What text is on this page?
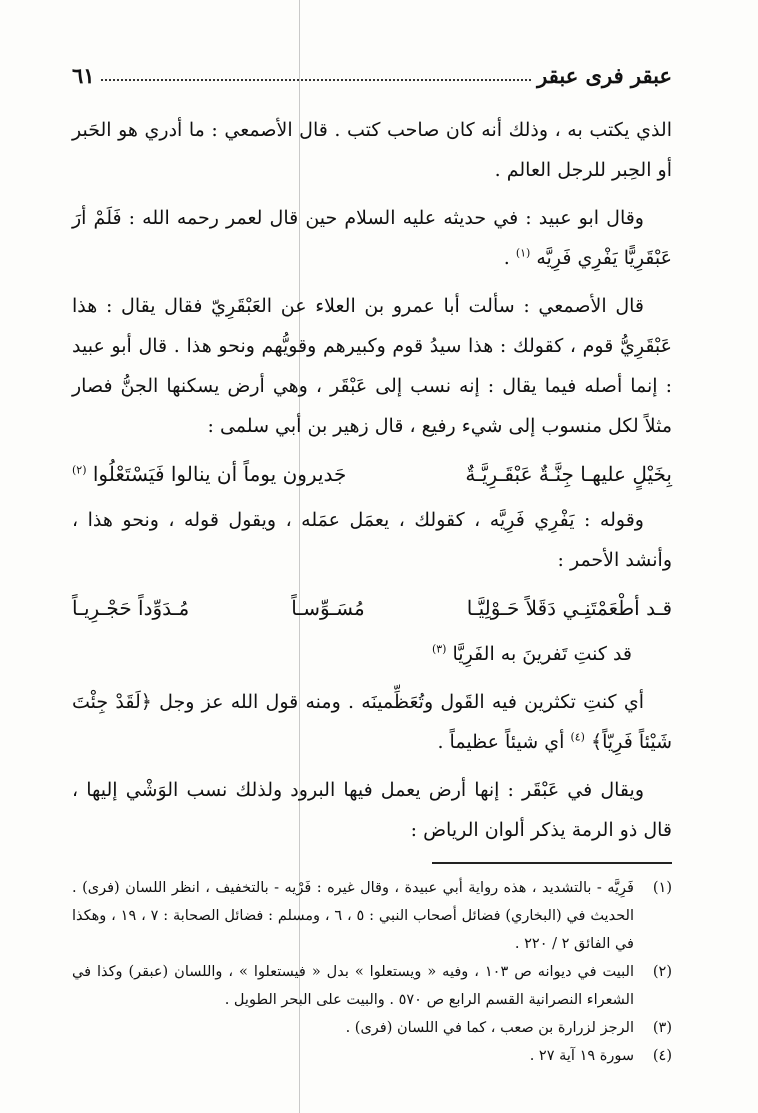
عبقر فرى عبقر
٦١

الذي يكتب به ، وذلك أنه كان صاحب كتب . قال الأصمعي : ما أدري هو الحَبر أو الحِبر للرجل العالم .

وقال ابو عبيد : في حديثه عليه السلام حين قال لعمر رحمه الله : فَلَمْ أرَ عَبْقَرِيًّا يَفْرِي فَرِيَّه $^{(١)}$ .

قال الأصمعي : سألت أبا عمرو بن العلاء عن العَبْقَرِيّ فقال يقال : هذا عَبْقَرِيُّ قوم ، كقولك : هذا سيدُ قوم وكبيرهم وقويُّهم ونحو هذا . قال أبو عبيد : إنما أصله فيما يقال : إنه نسب إلى عَبْقَر ، وهي أرض يسكنها الجنُّ فصار مثلاً لكل منسوب إلى شيء رفيع ، قال زهير بن أبي سلمى :

بِخَيْلٍ عليهـا جِنَّـةٌ عَبْقَـرِيَّـةٌ
جَديرون يوماً أن ينالوا فَيَسْتَعْلُوا $^{(٢)}$

وقوله : يَفْرِي فَرِيَّه ، كقولك ، يعمَل عمَله ، ويقول قوله ، ونحو هذا ، وأنشد الأحمر :

قـد أطْعَمْتَنِـي دَقَلاً حَـوْلِيَّـا
مُسَـوِّسـاً
مُـدَوِّداً حَجْـرِيـاً
قد كنتِ تَفرينَ به الفَرِيَّا $^{(٣)}$

أي كنتِ تكثرين فيه القَول وتُعَظِّمينَه . ومنه قول الله عز وجل ﴿لَقَدْ جِئْتَ شَيْئاً فَرِيّاً﴾ $^{(٤)}$ أي شيئاً عظيماً .

ويقال في عَبْقَر : إنها أرض يعمل فيها البرود ولذلك نسب الوَشْي إليها ، قال ذو الرمة يذكر ألوان الرياض :

(١)
فَرِيَّه - بالتشديد ، هذه رواية أبي عبيدة ، وقال غيره : فَرْيه - بالتخفيف ، انظر اللسان (فرى) . الحديث في (البخاري) فضائل أصحاب النبي : ٥ ، ٦ ، ومسلم : فضائل الصحابة : ٧ ، ١٩ ، وهكذا في الفائق ٢ / ٢٢٠ .
(٢)
البيت في ديوانه ص ١٠٣ ، وفيه « ويستعلوا » بدل « فيستعلوا » ، واللسان (عبقر) وكذا في الشعراء النصرانية القسم الرابع ص ٥٧٠ . والبيت على البحر الطويل .
(٣)
الرجز لزرارة بن صعب ، كما في اللسان (فرى) .
(٤)
سورة ١٩ آية ٢٧ .
